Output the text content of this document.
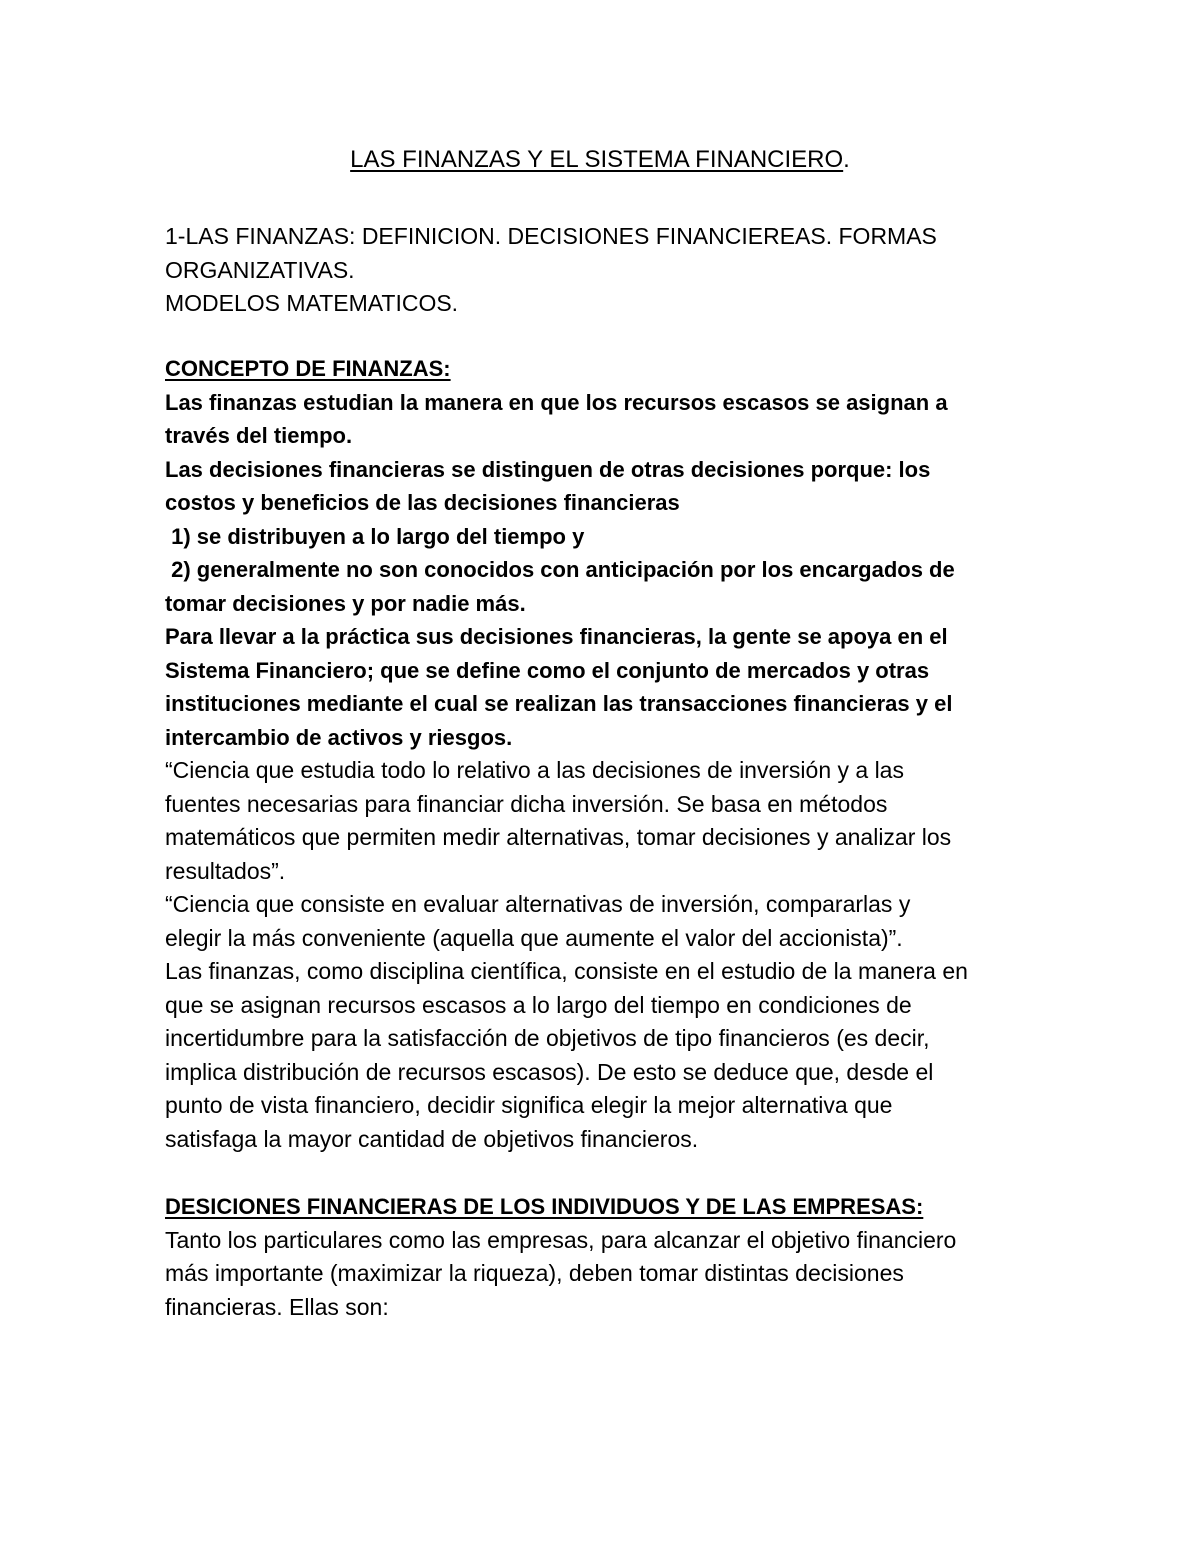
LAS FINANZAS Y EL SISTEMA FINANCIERO.
1-LAS FINANZAS: DEFINICION. DECISIONES FINANCIEREAS. FORMAS
ORGANIZATIVAS.
MODELOS MATEMATICOS.
CONCEPTO DE FINANZAS:
Las finanzas estudian la manera en que los recursos escasos se asignan a
través del tiempo.
Las decisiones financieras se distinguen de otras decisiones porque: los
costos y beneficios de las decisiones financieras
1) se distribuyen a lo largo del tiempo y
2) generalmente no son conocidos con anticipación por los encargados de
tomar decisiones y por nadie más.
Para llevar a la práctica sus decisiones financieras, la gente se apoya en el
Sistema Financiero; que se define como el conjunto de mercados y otras
instituciones mediante el cual se realizan las transacciones financieras y el
intercambio de activos y riesgos.
“Ciencia que estudia todo lo relativo a las decisiones de inversión y a las
fuentes necesarias para financiar dicha inversión. Se basa en métodos
matemáticos que permiten medir alternativas, tomar decisiones y analizar los
resultados”.
“Ciencia que consiste en evaluar alternativas de inversión, compararlas y
elegir la más conveniente (aquella que aumente el valor del accionista)”.
Las finanzas, como disciplina científica, consiste en el estudio de la manera en
que se asignan recursos escasos a lo largo del tiempo en condiciones de
incertidumbre para la satisfacción de objetivos de tipo financieros (es decir,
implica distribución de recursos escasos). De esto se deduce que, desde el
punto de vista financiero, decidir significa elegir la mejor alternativa que
satisfaga la mayor cantidad de objetivos financieros.
DESICIONES FINANCIERAS DE LOS INDIVIDUOS Y DE LAS EMPRESAS:
Tanto los particulares como las empresas, para alcanzar el objetivo financiero
más importante (maximizar la riqueza), deben tomar distintas decisiones
financieras. Ellas son:
